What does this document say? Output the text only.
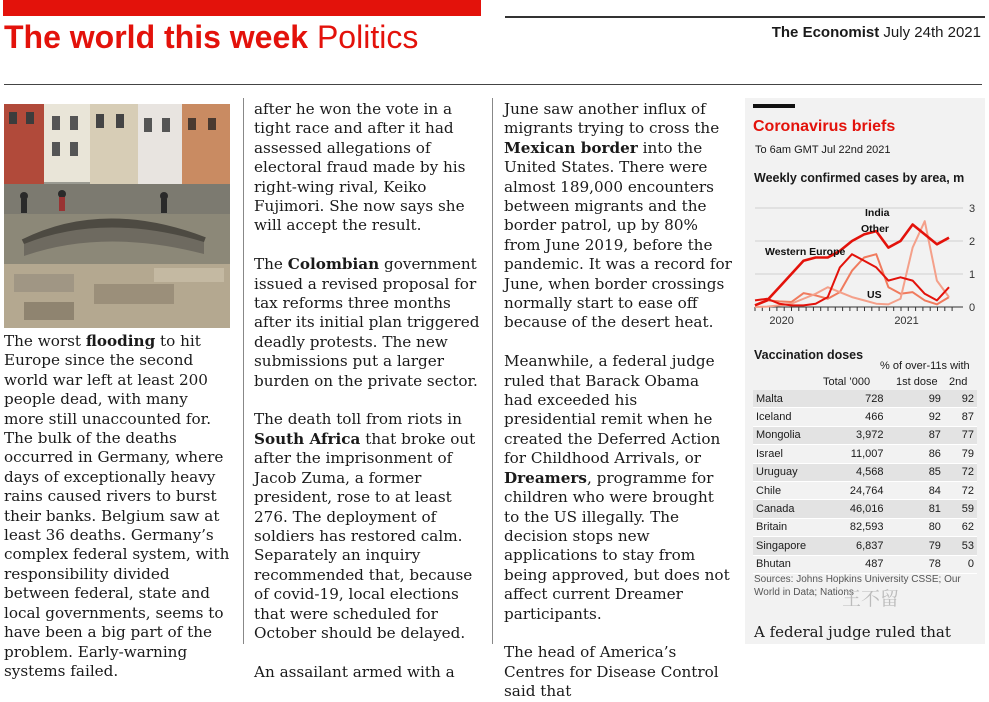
The world this week Politics	The Economist July 24th 2021

The worst flooding to hit Europe since the second world war left at least 200 people dead, with many more still unaccounted for. The bulk of the deaths occurred in Germany, where days of exceptionally heavy rains caused rivers to burst their banks. Belgium saw at least 36 deaths. Germany’s complex federal system, with responsibility divided between federal, state and local governments, seems to have been a big part of the problem. Early-warning systems failed.

after he won the vote in a tight race and after it had assessed allegations of electoral fraud made by his right-wing rival, Keiko Fujimori. She now says she will accept the result.

The Colombian government issued a revised proposal for tax reforms three months after its initial plan triggered deadly protests. The new submissions put a larger burden on the private sector.

The death toll from riots in South Africa that broke out after the imprisonment of Jacob Zuma, a former president, rose to at least 276. The deployment of soldiers has restored calm. Separately an inquiry recommended that, because of covid-19, local elections that were scheduled for October should be delayed.

An assailant armed with a

June saw another influx of migrants trying to cross the Mexican border into the United States. There were almost 189,000 encounters between migrants and the border patrol, up by 80% from June 2019, before the pandemic. It was a record for June, when border crossings normally start to ease off because of the desert heat.

Meanwhile, a federal judge ruled that Barack Obama had exceeded his presidential remit when he created the Deferred Action for Childhood Arrivals, or Dreamers, programme for children who were brought to the US illegally. The decision stops new applications to stay from being approved, but does not affect current Dreamer participants.

The head of America’s Centres for Disease Control said that

Coronavirus briefs
To 6am GMT Jul 22nd 2021
Weekly confirmed cases by area, m
0
1
2
3
2020	2021
India
Other
Western Europe
US
Vaccination doses
% of over-11s with
Total ’000 1st dose 2nd
Malta	728	99	92
Iceland	466	92	87
Mongolia	3,972	87	77
Israel	11,007	86	79
Uruguay	4,568	85	72
Chile	24,764	84	72
Canada	46,016	81	59
Britain	82,593	80	62
Singapore	6,837	79	53
Bhutan	487	78	0
Sources: Johns Hopkins University CSSE; Our World in Data; Nations
A federal judge ruled that
王不留
